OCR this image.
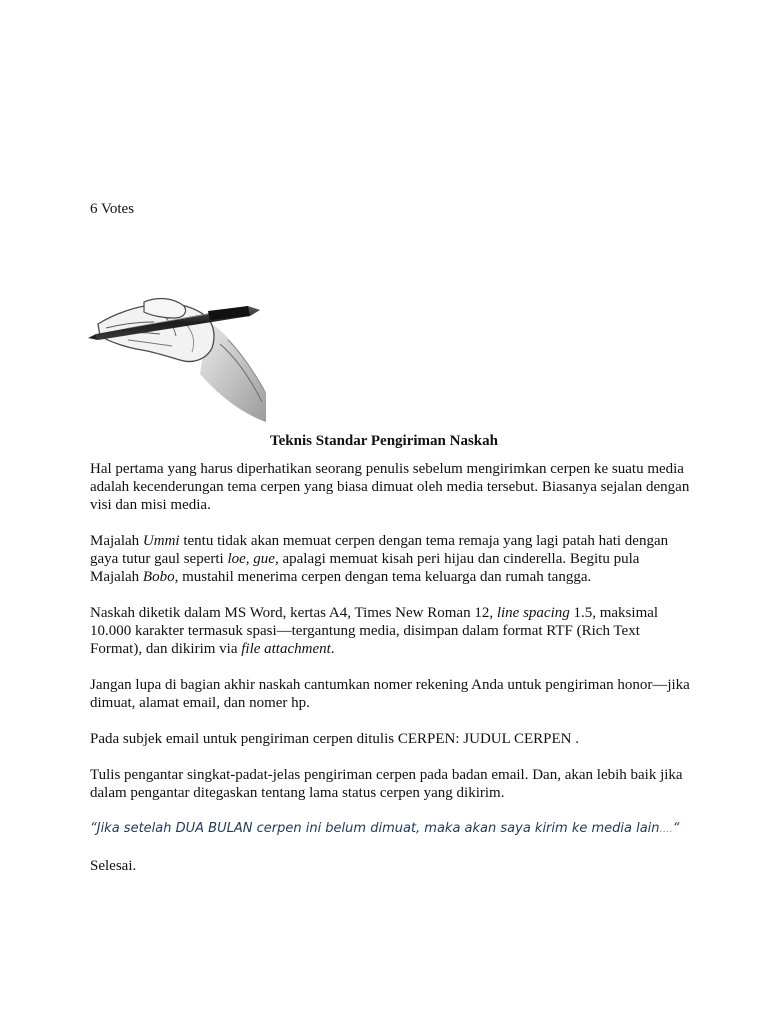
6 Votes
Teknis Standar Pengiriman Naskah

Hal pertama yang harus diperhatikan seorang penulis sebelum mengirimkan cerpen ke suatu media adalah kecenderungan tema cerpen yang biasa dimuat oleh media tersebut. Biasanya sejalan dengan visi dan misi media.

Majalah Ummi tentu tidak akan memuat cerpen dengan tema remaja yang lagi patah hati dengan gaya tutur gaul seperti loe, gue, apalagi memuat kisah peri hijau dan cinderella. Begitu pula Majalah Bobo, mustahil menerima cerpen dengan tema keluarga dan rumah tangga.

Naskah diketik dalam MS Word, kertas A4, Times New Roman 12, line spacing 1.5, maksimal 10.000 karakter termasuk spasi—tergantung media, disimpan dalam format RTF (Rich Text Format), dan dikirim via file attachment.

Jangan lupa di bagian akhir naskah cantumkan nomer rekening Anda untuk pengiriman honor—jika dimuat, alamat email, dan nomer hp.

Pada subjek email untuk pengiriman cerpen ditulis CERPEN: JUDUL CERPEN .

Tulis pengantar singkat-padat-jelas pengiriman cerpen pada badan email. Dan, akan lebih baik jika dalam pengantar ditegaskan tentang lama status cerpen yang dikirim.

“Jika setelah DUA BULAN cerpen ini belum dimuat, maka akan saya kirim ke media lain….“

Selesai.
